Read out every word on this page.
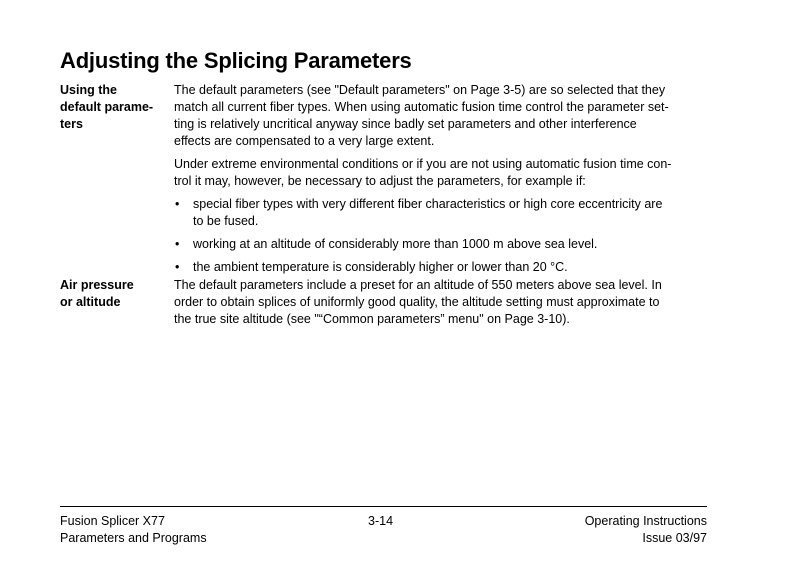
Adjusting the Splicing Parameters
Using the
default parame-
ters

The default parameters (see "Default parameters" on Page 3-5) are so selected that they
match all current fiber types. When using automatic fusion time control the parameter set-
ting is relatively uncritical anyway since badly set parameters and other interference
effects are compensated to a very large extent.

Under extreme environmental conditions or if you are not using automatic fusion time con-
trol it may, however, be necessary to adjust the parameters, for example if:

• special fiber types with very different fiber characteristics or high core eccentricity are
to be fused.
• working at an altitude of considerably more than 1000 m above sea level.
• the ambient temperature is considerably higher or lower than 20 °C.
Air pressure
or altitude

The default parameters include a preset for an altitude of 550 meters above sea level. In
order to obtain splices of uniformly good quality, the altitude setting must approximate to
the true site altitude (see "“Common parameters” menu" on Page 3-10).

Fusion Splicer X77
Parameters and Programs
3-14	Operating Instructions
Issue 03/97
